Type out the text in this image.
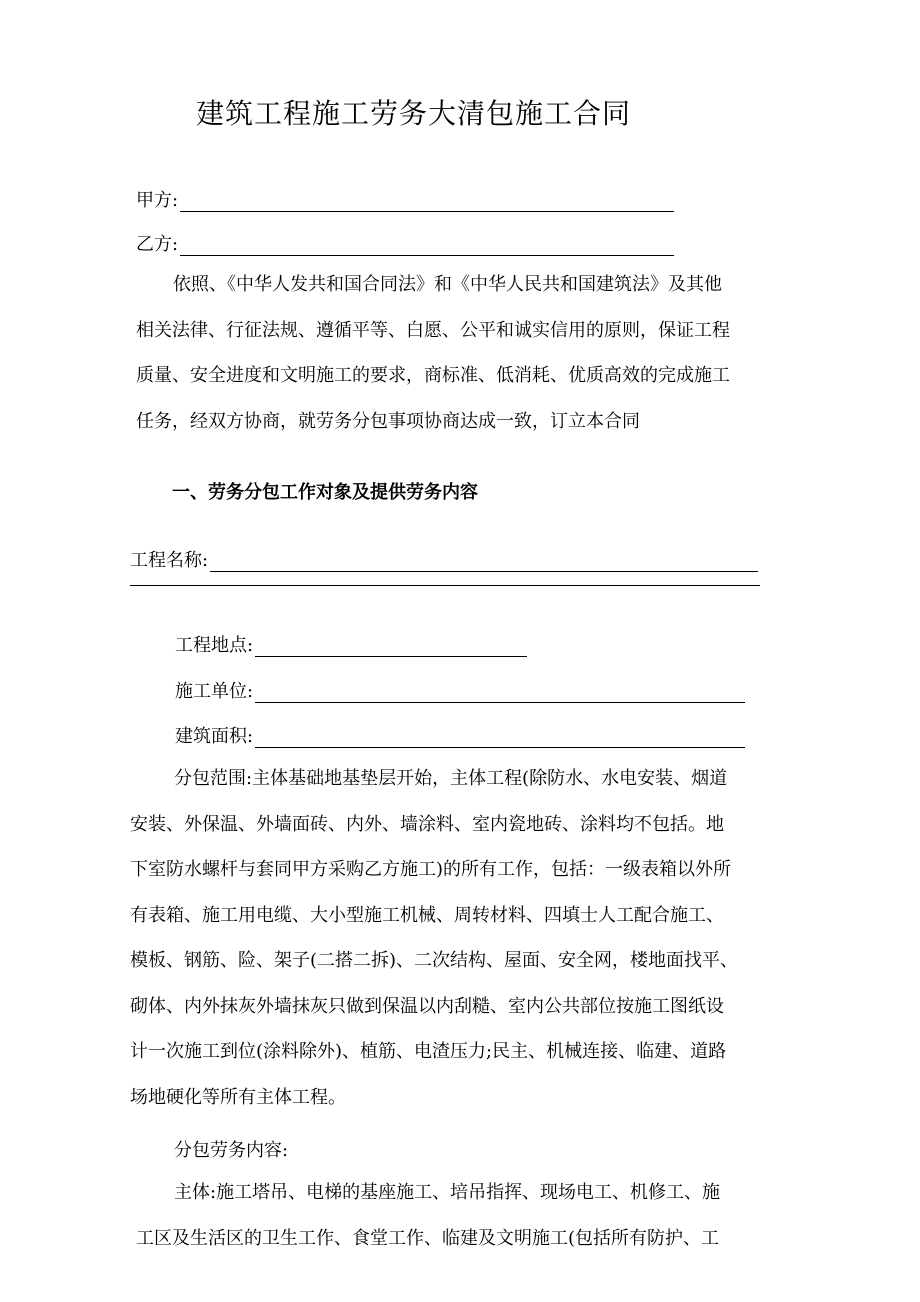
建筑工程施工劳务大清包施工合同
甲方:
乙方:

依照、《中华人发共和国合同法》和《中华人民共和国建筑法》及其他

相关法律、行征法规、遵循平等、白愿、公平和诚实信用的原则，保证工程

质量、安全进度和文明施工的要求，商标准、低消耗、优质高效的完成施工

任务，经双方协商，就劳务分包事项协商达成一致，订立本合同

一、劳务分包工作对象及提供劳务内容
工程名称:
工程地点:
施工单位:
建筑面积:

分包范围:主体基础地基垫层开始，主体工程(除防水、水电安装、烟道

安装、外保温、外墙面砖、内外、墙涂料、室内瓷地砖、涂料均不包括。地

下室防水螺杆与套同甲方采购乙方施工)的所有工作，包括：一级表箱以外所

有表箱、施工用电缆、大小型施工机械、周转材料、四填士人工配合施工、

模板、钢筋、险、架子(二搭二拆)、二次结构、屋面、安全网，楼地面找平、

砌体、内外抹灰外墙抹灰只做到保温以内刮糙、室内公共部位按施工图纸设

计一次施工到位(涂料除外)、植筋、电渣压力;民主、机械连接、临建、道路

场地硬化等所有主体工程。

分包劳务内容:

主体:施工塔吊、电梯的基座施工、培吊指挥、现场电工、机修工、施

工区及生活区的卫生工作、食堂工作、临建及文明施工(包括所有防护、工
